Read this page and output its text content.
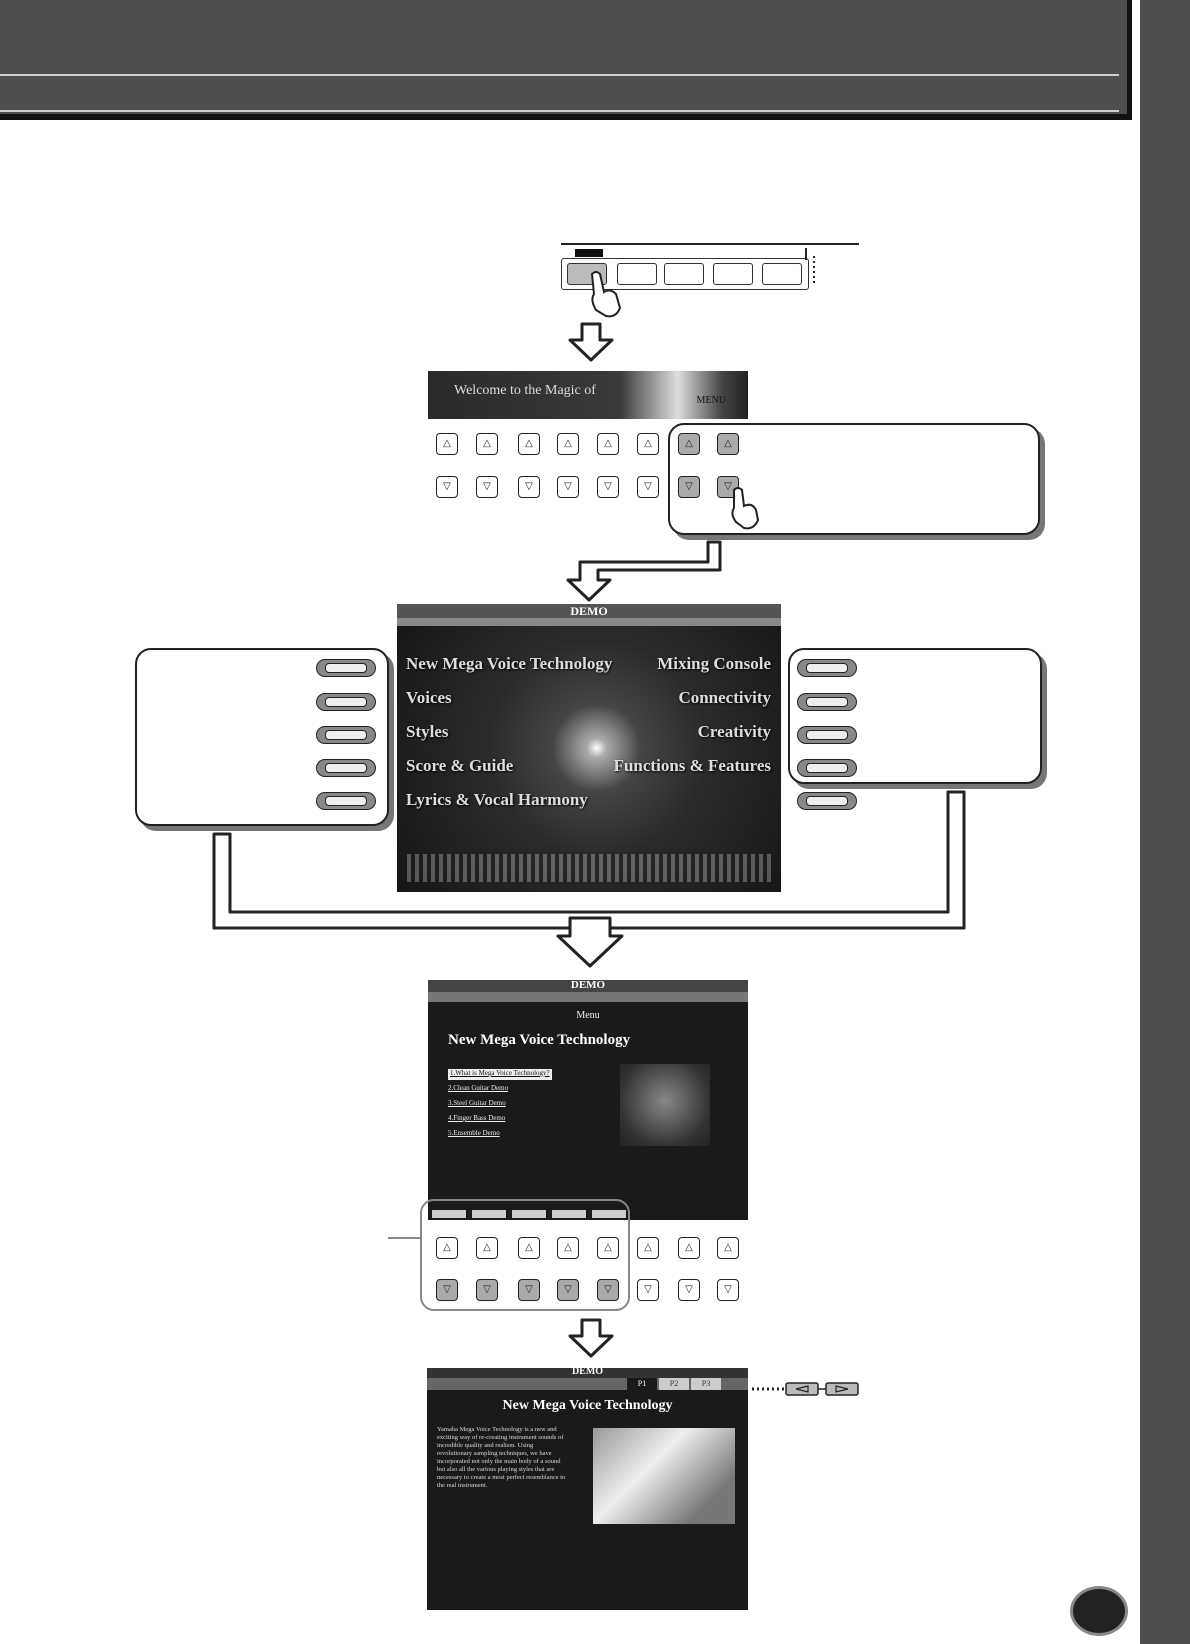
Welcome to the Magic of
MENU
△	△	△	△	△	△	△	△
▽	▽	▽	▽	▽	▽	▽	▽
DEMO
New Mega Voice Technology
Voices
Styles
Score & Guide
Lyrics & Vocal Harmony
Mixing Console
Connectivity
Creativity
Functions & Features
DEMO
Menu
New Mega Voice Technology
1.What is Mega Voice Technology?

2.Clean Guitar Demo
3.Steel Guitar Demo
4.Finger Bass Demo
5.Ensemble Demo
△	△	△	△	△	△	△	△
▽	▽	▽	▽	▽	▽	▽	▽
DEMO
P1	P2	P3
New Mega Voice Technology
Yamaha Mega Voice Technology is a new and exciting way of re-creating instrument sounds of incredible quality and realism. Using revolutionary sampling techniques, we have incorporated not only the main body of a sound but also all the various playing styles that are necessary to create a most perfect resemblance to the real instrument.
